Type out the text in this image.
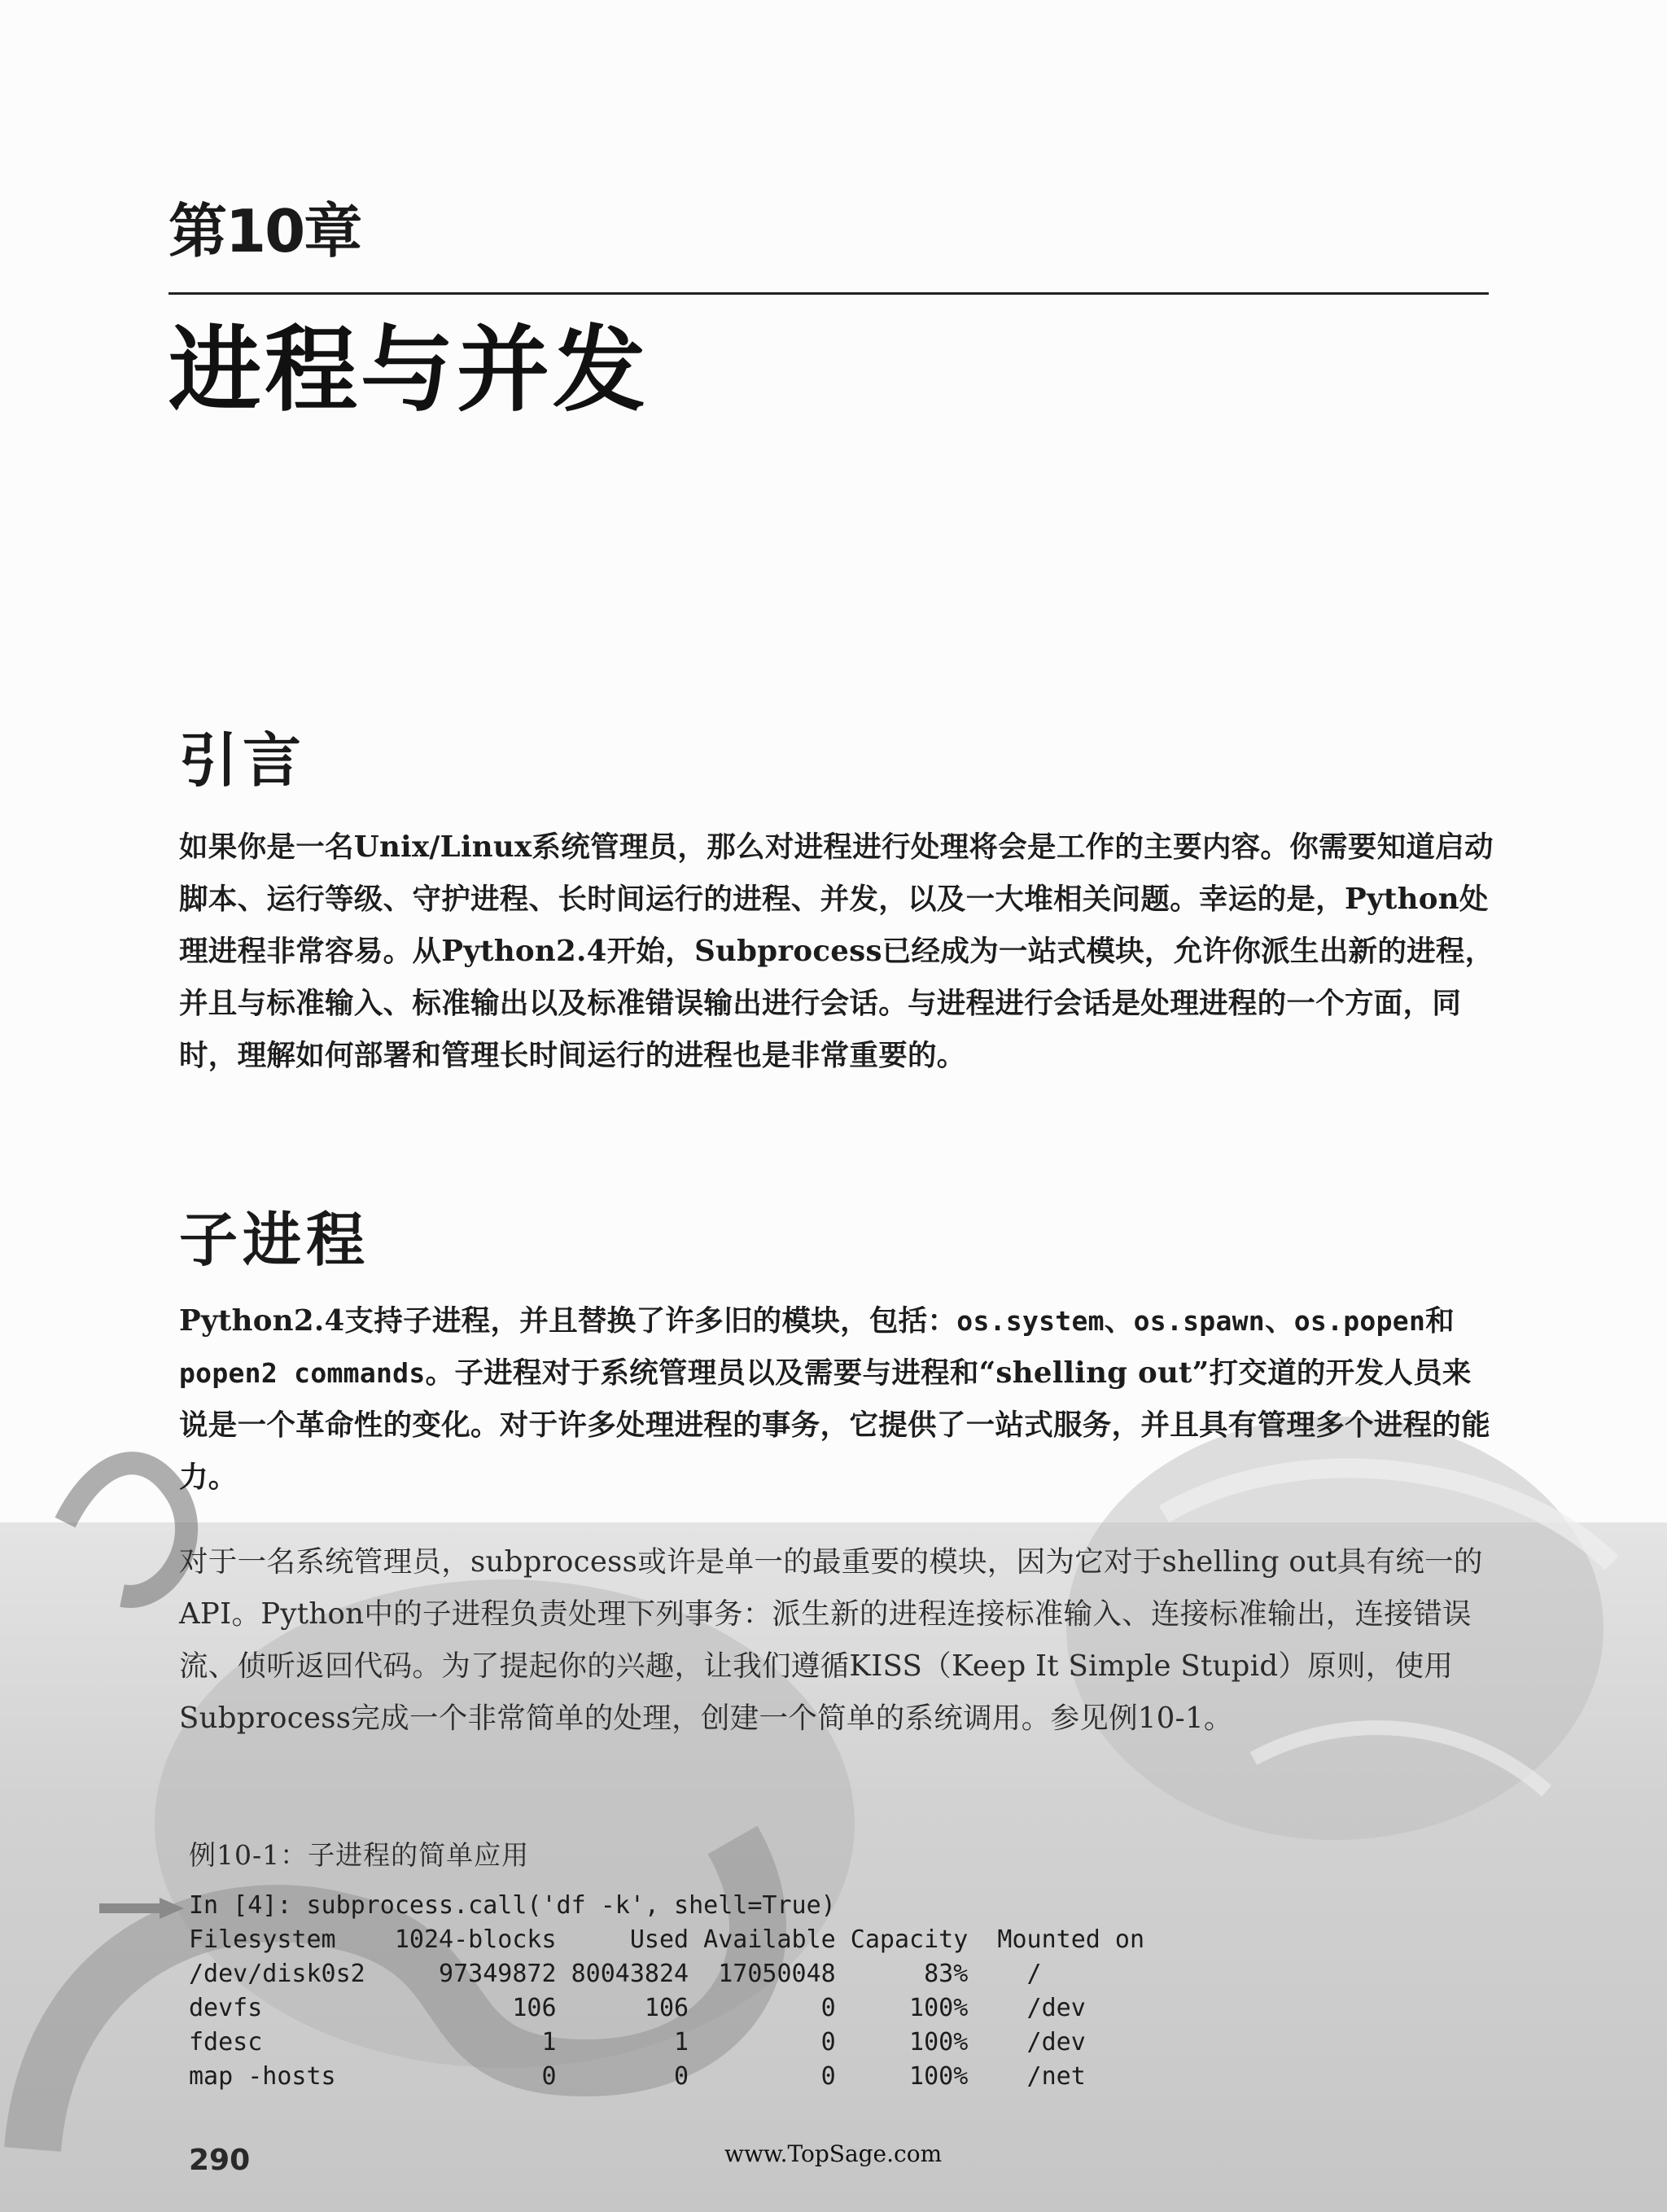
第10章
进程与并发
引言

如果你是一名Unix/Linux系统管理员，那么对进程进行处理将会是工作的主要内容。你需要知道启动脚本、运行等级、守护进程、长时间运行的进程、并发，以及一大堆相关问题。幸运的是，Python处理进程非常容易。从Python2.4开始，Subprocess已经成为一站式模块，允许你派生出新的进程，并且与标准输入、标准输出以及标准错误输出进行会话。与进程进行会话是处理进程的一个方面，同时，理解如何部署和管理长时间运行的进程也是非常重要的。

子进程

Python2.4支持子进程，并且替换了许多旧的模块，包括：os.system、os.spawn、os.popen和popen2 commands。子进程对于系统管理员以及需要与进程和“shelling out”打交道的开发人员来说是一个革命性的变化。对于许多处理进程的事务，它提供了一站式服务，并且具有管理多个进程的能力。

对于一名系统管理员，subprocess或许是单一的最重要的模块，因为它对于shelling out具有统一的API。Python中的子进程负责处理下列事务：派生新的进程连接标准输入、连接标准输出，连接错误流、侦听返回代码。为了提起你的兴趣，让我们遵循KISS（Keep It Simple Stupid）原则，使用Subprocess完成一个非常简单的处理，创建一个简单的系统调用。参见例10-1。

例10-1：子进程的简单应用
In [4]: subprocess.call('df -k', shell=True)
Filesystem    1024-blocks     Used Available Capacity  Mounted on
/dev/disk0s2     97349872 80043824  17050048      83%    /
devfs                 106      106         0     100%    /dev
fdesc                   1        1         0     100%    /dev
map -hosts              0        0         0     100%    /net
290	www.TopSage.com
